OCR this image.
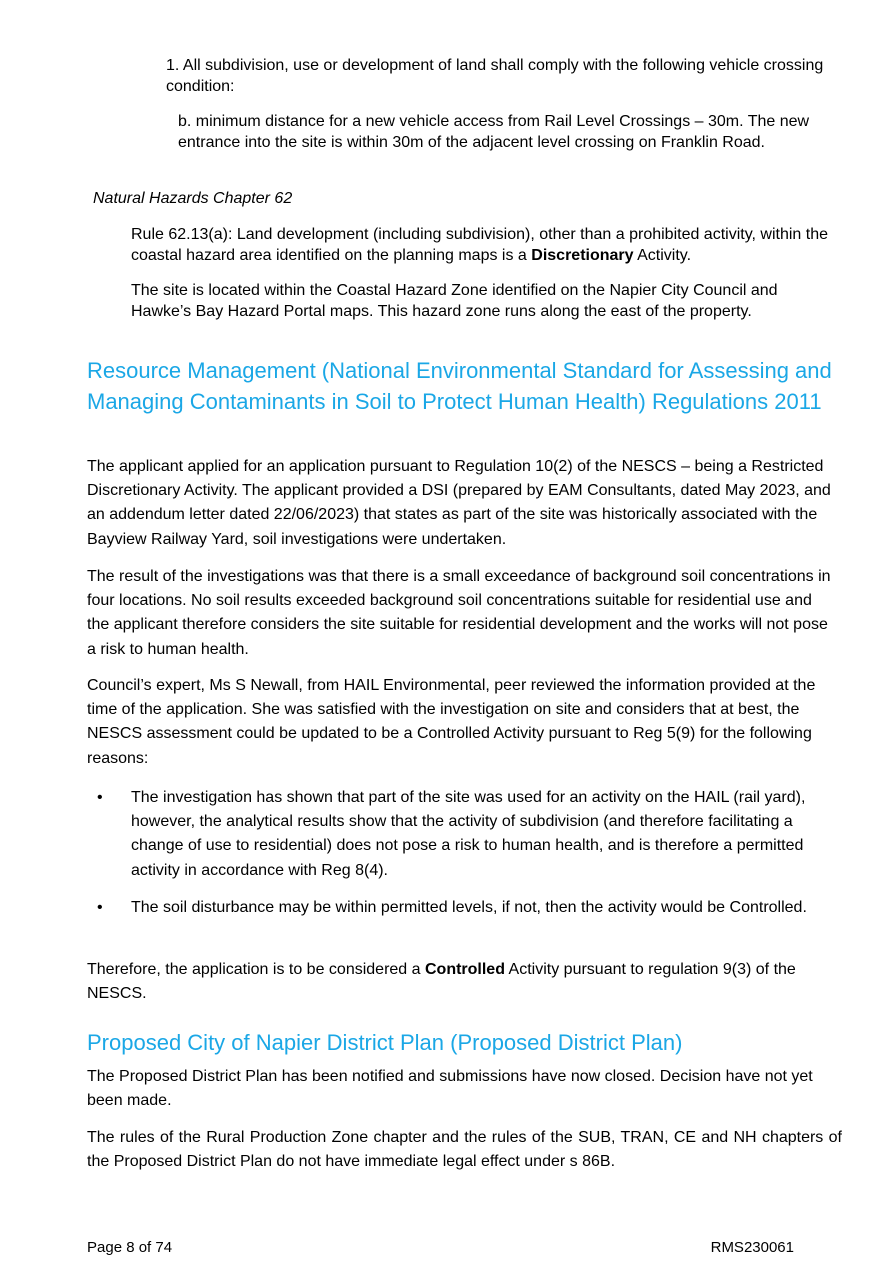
1. All subdivision, use or development of land shall comply with the following vehicle crossing condition:
b. minimum distance for a new vehicle access from Rail Level Crossings – 30m. The new entrance into the site is within 30m of the adjacent level crossing on Franklin Road.
Natural Hazards Chapter 62
Rule 62.13(a): Land development (including subdivision), other than a prohibited activity, within the coastal hazard area identified on the planning maps is a Discretionary Activity.
The site is located within the Coastal Hazard Zone identified on the Napier City Council and Hawke’s Bay Hazard Portal maps. This hazard zone runs along the east of the property.
Resource Management (National Environmental Standard for Assessing and Managing Contaminants in Soil to Protect Human Health) Regulations 2011
The applicant applied for an application pursuant to Regulation 10(2) of the NESCS – being a Restricted Discretionary Activity. The applicant provided a DSI (prepared by EAM Consultants, dated May 2023, and an addendum letter dated 22/06/2023) that states as part of the site was historically associated with the Bayview Railway Yard, soil investigations were undertaken.
The result of the investigations was that there is a small exceedance of background soil concentrations in four locations. No soil results exceeded background soil concentrations suitable for residential use and the applicant therefore considers the site suitable for residential development and the works will not pose a risk to human health.
Council’s expert, Ms S Newall, from HAIL Environmental, peer reviewed the information provided at the time of the application. She was satisfied with the investigation on site and considers that at best, the NESCS assessment could be updated to be a Controlled Activity pursuant to Reg 5(9) for the following reasons:
• The investigation has shown that part of the site was used for an activity on the HAIL (rail yard), however, the analytical results show that the activity of subdivision (and therefore facilitating a change of use to residential) does not pose a risk to human health, and is therefore a permitted activity in accordance with Reg 8(4).
• The soil disturbance may be within permitted levels, if not, then the activity would be Controlled.
Therefore, the application is to be considered a Controlled Activity pursuant to regulation 9(3) of the NESCS.
Proposed City of Napier District Plan (Proposed District Plan)
The Proposed District Plan has been notified and submissions have now closed. Decision have not yet been made.
The rules of the Rural Production Zone chapter and the rules of the SUB, TRAN, CE and NH chapters of the Proposed District Plan do not have immediate legal effect under s 86B.
Page 8 of 74	RMS230061
